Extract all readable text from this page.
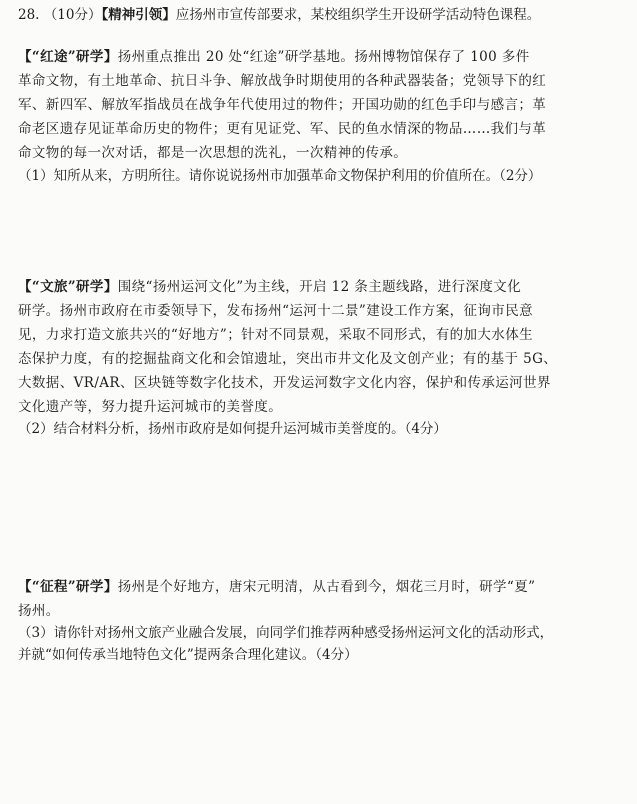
28. （10分）【精神引领】应扬州市宣传部要求，某校组织学生开设研学活动特色课程。
【“红途”研学】扬州重点推出 20 处“红途”研学基地。扬州博物馆保存了 100 多件
革命文物，有土地革命、抗日斗争、解放战争时期使用的各种武器装备；党领导下的红
军、新四军、解放军指战员在战争年代使用过的物件；开国功勋的红色手印与感言；革
命老区遗存见证革命历史的物件；更有见证党、军、民的鱼水情深的物品……我们与革
命文物的每一次对话，都是一次思想的洗礼，一次精神的传承。
（1）知所从来，方明所往。请你说说扬州市加强革命文物保护利用的价值所在。（2分）
【“文旅”研学】围绕“扬州运河文化”为主线，开启 12 条主题线路，进行深度文化
研学。扬州市政府在市委领导下，发布扬州“运河十二景”建设工作方案，征询市民意
见，力求打造文旅共兴的“好地方”；针对不同景观，采取不同形式，有的加大水体生
态保护力度，有的挖掘盐商文化和会馆遗址，突出市井文化及文创产业；有的基于 5G、
大数据、VR/AR、区块链等数字化技术，开发运河数字文化内容，保护和传承运河世界
文化遗产等，努力提升运河城市的美誉度。
（2）结合材料分析，扬州市政府是如何提升运河城市美誉度的。（4分）
【“征程”研学】扬州是个好地方，唐宋元明清，从古看到今，烟花三月时，研学“夏”
扬州。
（3）请你针对扬州文旅产业融合发展，向同学们推荐两种感受扬州运河文化的活动形式，
并就“如何传承当地特色文化”提两条合理化建议。（4分）
